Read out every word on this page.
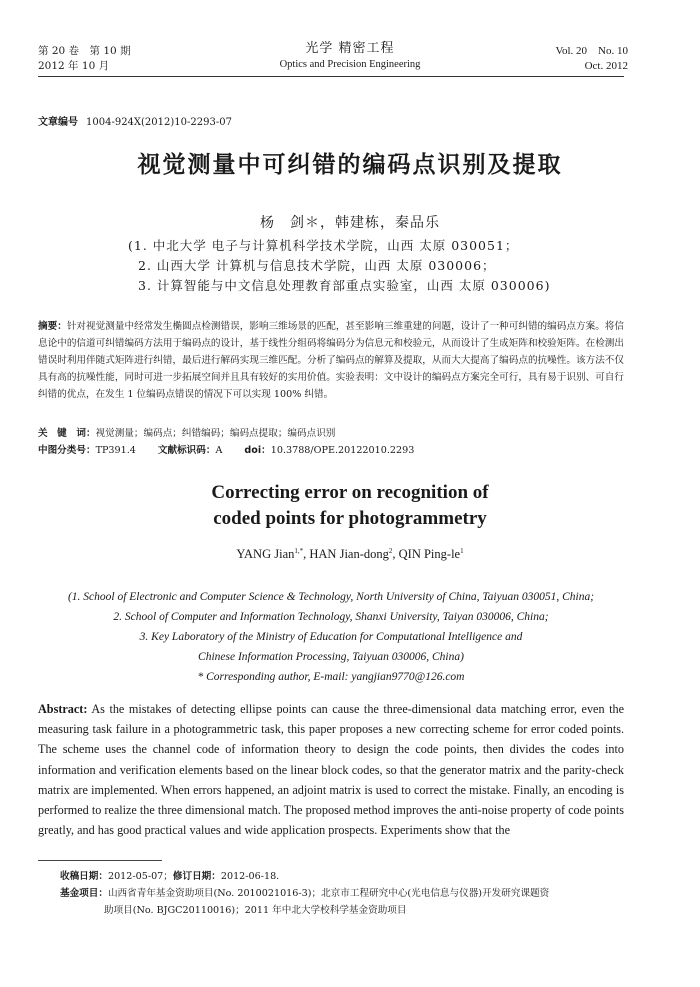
第 20 卷　第 10 期
2012 年 10 月
光学 精密工程
Optics and Precision Engineering
Vol. 20　No. 10
Oct. 2012
文章编号 1004-924X(2012)10-2293-07
视觉测量中可纠错的编码点识别及提取
杨　剑＊，韩建栋，秦品乐
(1. 中北大学 电子与计算机科学技术学院，山西 太原 030051；
2. 山西大学 计算机与信息技术学院，山西 太原 030006；
3. 计算智能与中文信息处理教育部重点实验室，山西 太原 030006)
摘要：针对视觉测量中经常发生椭圆点检测错误，影响三维场景的匹配，甚至影响三维重建的问题，设计了一种可纠错的编码点方案。将信息论中的信道可纠错编码方法用于编码点的设计，基于线性分组码将编码分为信息元和校验元，从而设计了生成矩阵和校验矩阵。在检测出错误时利用伴随式矩阵进行纠错，最后进行解码实现三维匹配。分析了编码点的解算及提取，从而大大提高了编码点的抗噪性。该方法不仅具有高的抗噪性能，同时可进一步拓展空间并且具有较好的实用价值。实验表明：文中设计的编码点方案完全可行，具有易于识别、可自行纠错的优点，在发生 1 位编码点错误的情况下可以实现 100% 纠错。
关　键　词：视觉测量；编码点；纠错编码；编码点提取；编码点识别
中图分类号：TP391.4 文献标识码：A doi：10.3788/OPE.20122010.2293
Correcting error on recognition of
coded points for photogrammetry
YANG Jian$^{1,*}$, HAN Jian-dong$^2$, QIN Ping-$le^1$
(1. School of Electronic and Computer Science & Technology, North University of China, Taiyuan 030051, China;
2. School of Computer and Information Technology, Shanxi University, Taiyan 030006, China;
3. Key Laboratory of the Ministry of Education for Computational Intelligence and
Chinese Information Processing, Taiyuan 030006, China)
* Corresponding author, E-mail: yangjian9770@126.com
Abstract: As the mistakes of detecting ellipse points can cause the three-dimensional data matching error, even the measuring task failure in a photogrammetric task, this paper proposes a new correcting scheme for error coded points. The scheme uses the channel code of information theory to design the code points, then divides the codes into information and verification elements based on the linear block codes, so that the generator matrix and the parity-check matrix are implemented. When errors happened, an adjoint matrix is used to correct the mistake. Finally, an encoding is performed to realize the three dimensional match. The proposed method improves the anti-noise property of code points greatly, and has good practical values and wide application prospects. Experiments show that the
收稿日期：2012-05-07；修订日期：2012-06-18.
基金项目：山西省青年基金资助项目(No. 2010021016-3)；北京市工程研究中心(光电信息与仪器)开发研究课题资
助项目(No. BJGC20110016)；2011 年中北大学校科学基金资助项目
